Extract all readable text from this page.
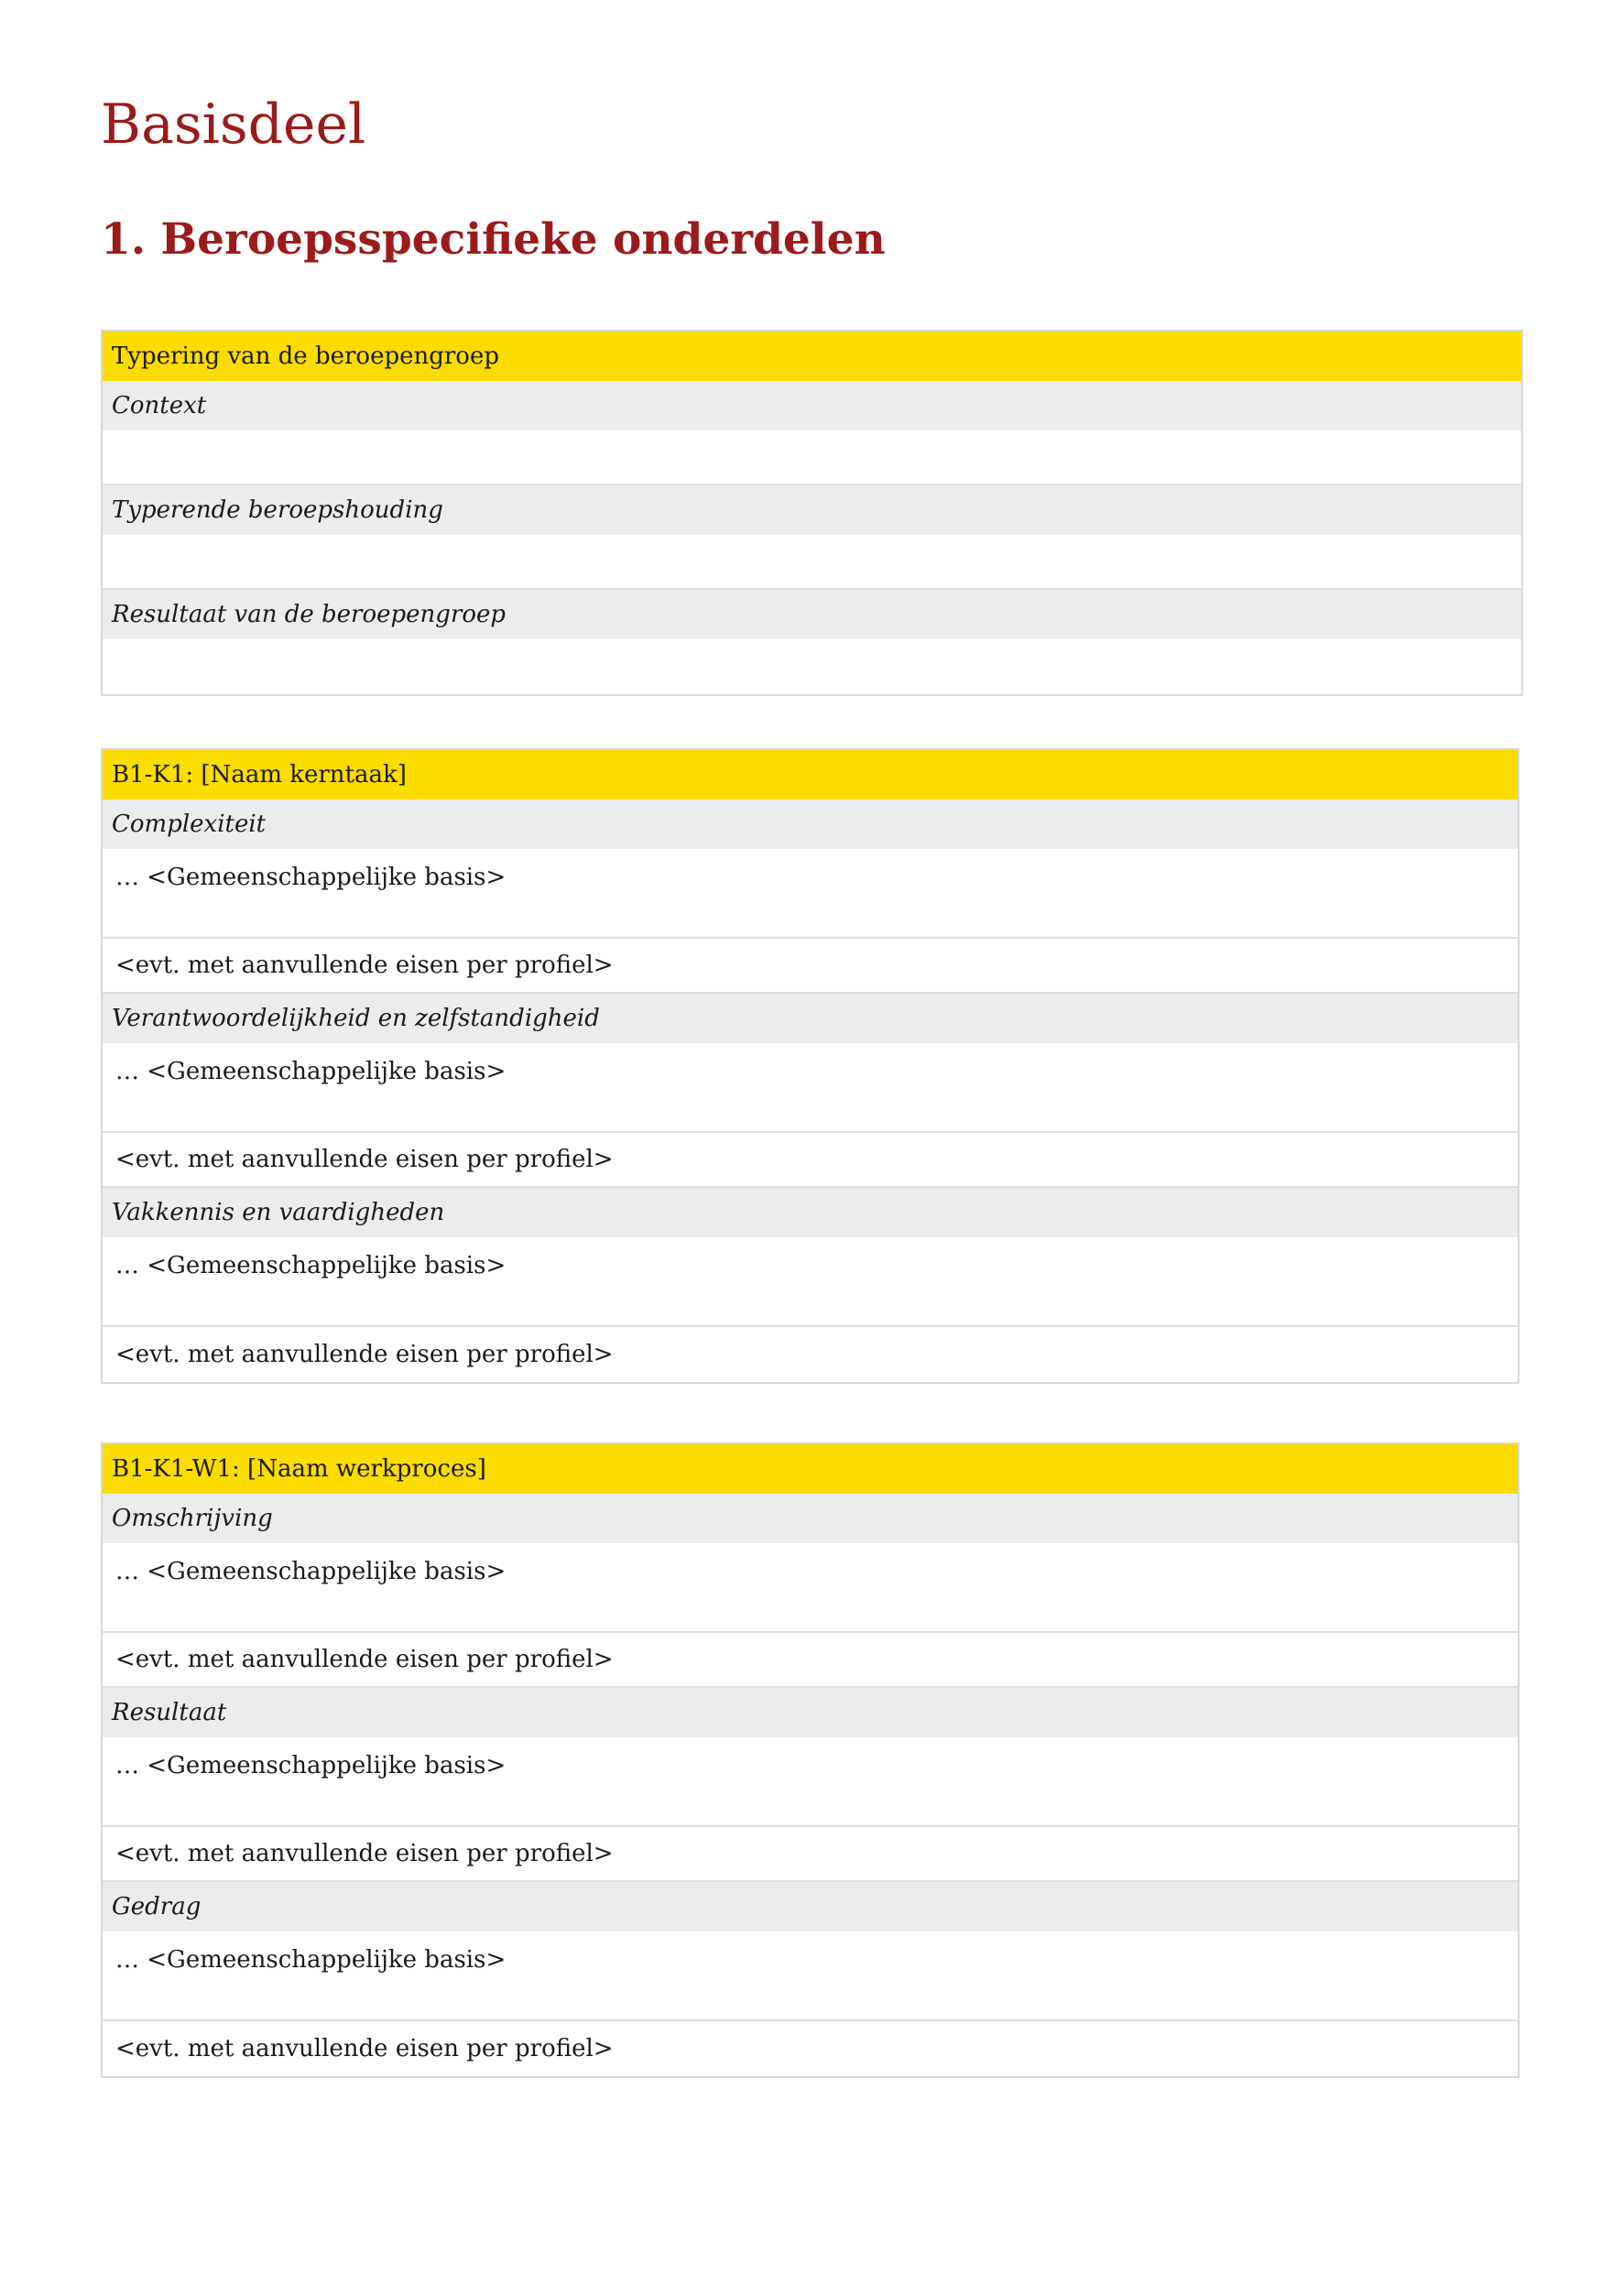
Basisdeel
1. Beroepsspecifieke onderdelen
Typering van de beroepengroep
Context
Typerende beroepshouding
Resultaat van de beroepengroep
B1-K1: [Naam kerntaak]
Complexiteit
… <Gemeenschappelijke basis>
<evt. met aanvullende eisen per profiel>
Verantwoordelijkheid en zelfstandigheid
… <Gemeenschappelijke basis>
<evt. met aanvullende eisen per profiel>
Vakkennis en vaardigheden
… <Gemeenschappelijke basis>
<evt. met aanvullende eisen per profiel>
B1-K1-W1: [Naam werkproces]
Omschrijving
… <Gemeenschappelijke basis>
<evt. met aanvullende eisen per profiel>
Resultaat
… <Gemeenschappelijke basis>
<evt. met aanvullende eisen per profiel>
Gedrag
… <Gemeenschappelijke basis>
<evt. met aanvullende eisen per profiel>
